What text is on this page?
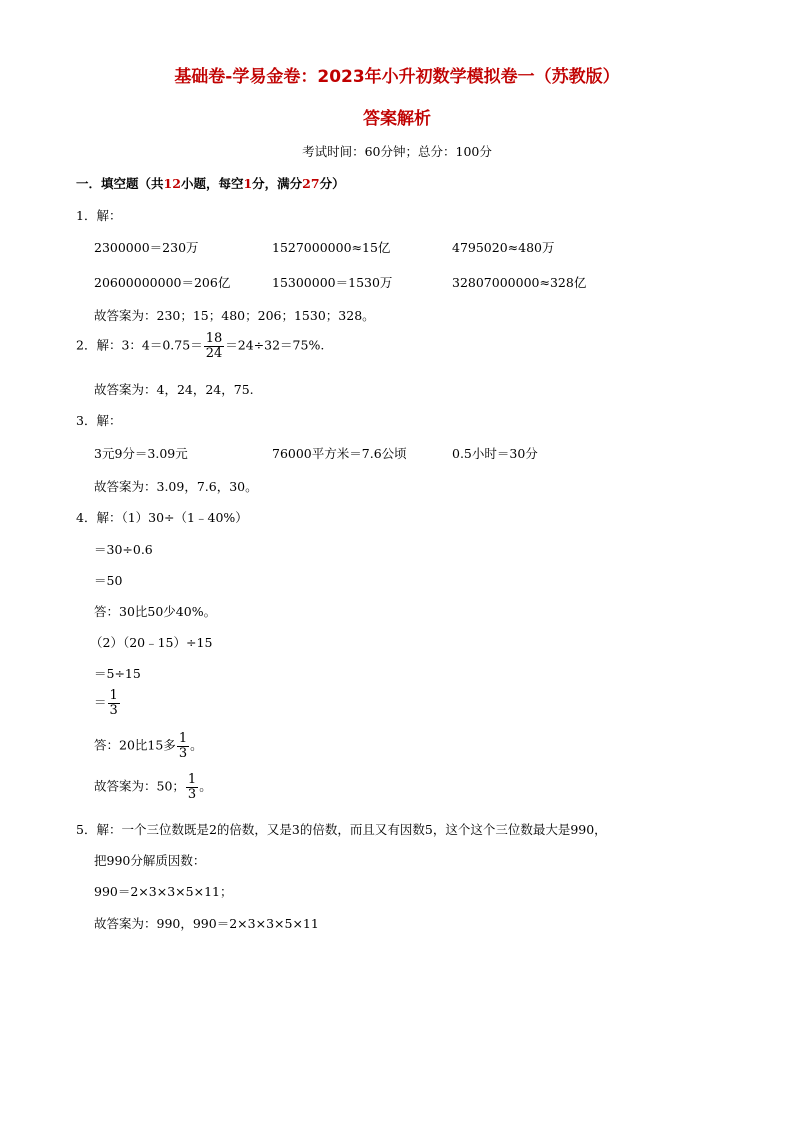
基础卷-学易金卷：2023年小升初数学模拟卷一（苏教版）
答案解析
考试时间：60分钟；总分：100分
一．填空题（共12小题，每空1分，满分27分）
1．解：
2300000＝230万	1527000000≈15亿	4795020≈480万
20600000000＝206亿	15300000＝1530万	32807000000≈328亿
故答案为：230；15；480；206；1530；328。
2．解：3：$4=0.75= \frac{18}{24} =24\div 32=75\%$.
故答案为：4，24，24，75.
3．解：
3元9分＝3.09元	76000平方米＝7.6公顷	0.5小时＝30分
故答案为：3.09，7.6，30。
4．解：（1）30÷（1﹣40%）
＝30÷0.6
＝50
答：30比50少40%。
（2）（20﹣15）÷15
＝5÷15
＝ $\frac{1}{3}$
答：20比15多 $\frac{1}{3}$ 。
故答案为：50； $\frac{1}{3}$ 。
5．解：一个三位数既是2的倍数，又是3的倍数，而且又有因数5，这个这个三位数最大是990，
把990分解质因数：
990＝2×3×3×5×11；
故答案为：990，990＝2×3×3×5×11
